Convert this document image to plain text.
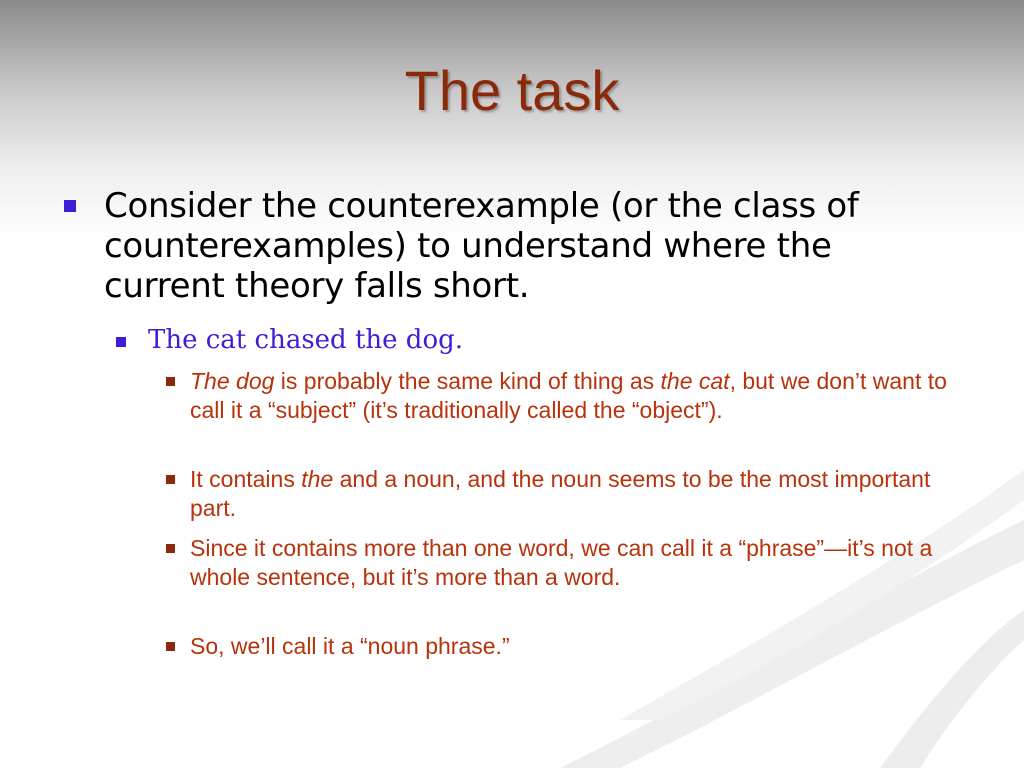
The task
Consider the counterexample (or the class of counterexamples) to understand where the current theory falls short.
The cat chased the dog.
The dog is probably the same kind of thing as the cat, but we don’t want to call it a “subject” (it’s traditionally called the “object”).
It contains the and a noun, and the noun seems to be the most important part.
Since it contains more than one word, we can call it a “phrase”—it’s not a whole sentence, but it’s more than a word.
So, we’ll call it a “noun phrase.”
